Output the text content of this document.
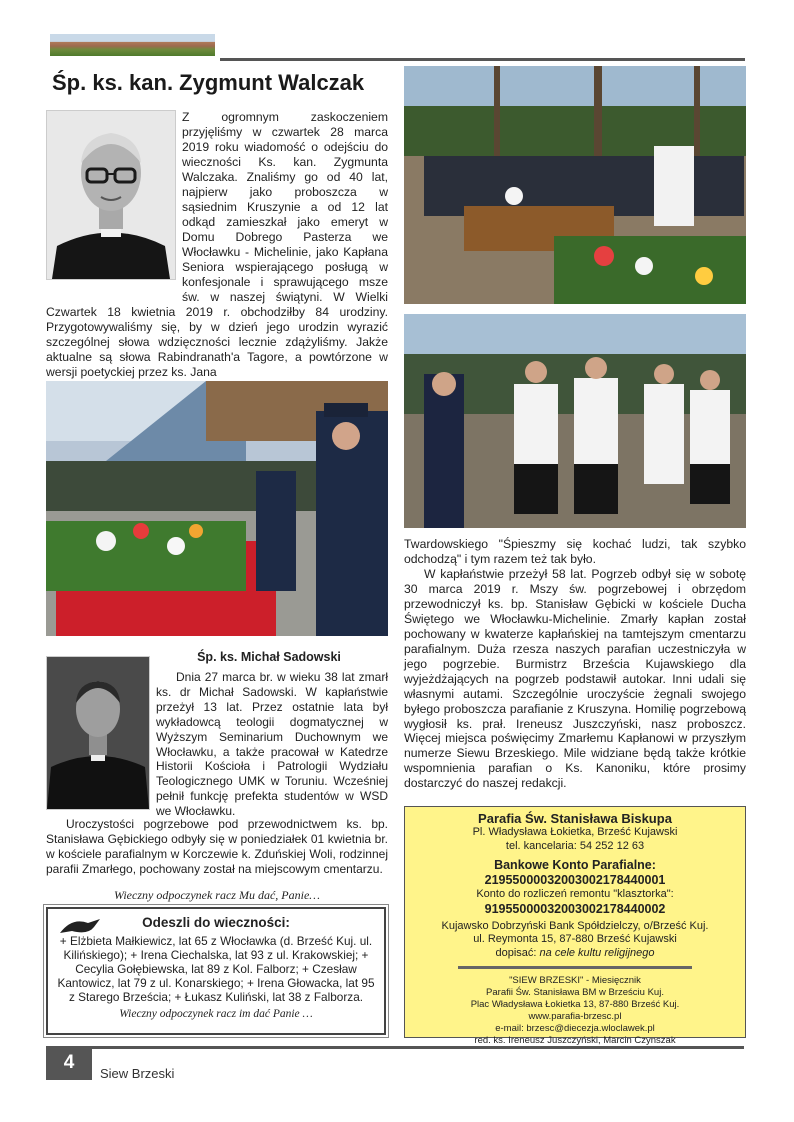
Śp. ks. kan. Zygmunt Walczak

Z ogromnym zaskoczeniem przyjęliśmy w czwartek 28 marca 2019 roku wiadomość o odejściu do wieczności Ks. kan. Zygmunta Walczaka. Znaliśmy go od 40 lat, najpierw jako proboszcza w sąsiednim Kruszynie a od 12 lat odkąd zamieszkał jako emeryt w Domu Dobrego Pasterza we Włocławku - Michelinie, jako Kapłana Seniora wspierającego posługą w konfesjonale i sprawującego msze św. w naszej świątyni. W Wielki Czwartek 18 kwietnia 2019 r. obchodziłby 84 urodziny. Przygotowywaliśmy się, by w dzień jego urodzin wyrazić szczególnej słowa wdzięczności lecznie zdążyliśmy. Jakże aktualne są słowa Rabindranath'a Tagore, a powtórzone w wersji poetyckiej przez ks. Jana

Śp. ks. Michał Sadowski

Dnia 27 marca br. w wieku 38 lat zmarł ks. dr Michał Sadowski. W kapłaństwie przeżył 13 lat. Przez ostatnie lata był wykładowcą teologii dogmatycznej w Wyższym Seminarium Duchownym we Włocławku, a także pracował w Katedrze Historii Kościoła i Patrologii Wydziału Teologicznego UMK w Toruniu. Wcześniej pełnił funkcję prefekta studentów w WSD we Włocławku.

Uroczystości pogrzebowe pod przewodnictwem ks. bp. Stanisława Gębickiego odbyły się w poniedziałek 01 kwietnia br. w kościele parafialnym w Korczewie k. Zduńskiej Woli, rodzinnej parafii Zmarłego, pochowany został na miejscowym cmentarzu.

Wieczny odpoczynek racz Mu dać, Panie…
Odeszli do wieczności:

+ Elżbieta Małkiewicz, lat 65 z Włocławka (d. Brześć Kuj. ul. Kilińskiego); + Irena Ciechalska, lat 93 z ul. Krakowskiej; + Cecylia Gołębiewska, lat 89 z Kol. Falborz; + Czesław Kantowicz, lat 79 z ul. Konarskiego; + Irena Głowacka, lat 95 z Starego Brześcia; + Łukasz Kuliński, lat 38 z Falborza.

Wieczny odpoczynek racz im dać Panie …

Twardowskiego "Śpieszmy się kochać ludzi, tak szybko odchodzą" i tym razem też tak było.

W kapłaństwie przeżył 58 lat. Pogrzeb odbył się w sobotę 30 marca 2019 r. Mszy św. pogrzebowej i obrzędom przewodniczył ks. bp. Stanisław Gębicki w kościele Ducha Świętego we Włocławku-Michelinie. Zmarły kapłan został pochowany w kwaterze kapłańskiej na tamtejszym cmentarzu parafialnym. Duża rzesza naszych parafian uczestniczyła w jego pogrzebie. Burmistrz Brześcia Kujawskiego dla wyjeżdżających na pogrzeb podstawił autokar. Inni udali się własnymi autami. Szczególnie uroczyście żegnali swojego byłego proboszcza parafianie z Kruszyna. Homilię pogrzebową wygłosił ks. prał. Ireneusz Juszczyński, nasz proboszcz. Więcej miejsca poświęcimy Zmarłemu Kapłanowi w przyszłym numerze Siewu Brzeskiego. Mile widziane będą także krótkie wspomnienia parafian o Ks. Kanoniku, które prosimy dostarczyć do naszej redakcji.

Parafia Św. Stanisława Biskupa
Pl. Władysława Łokietka, Brześć Kujawski
tel. kancelaria: 54 252 12 63
Bankowe Konto Parafialne:
21955000032003002178440001
Konto do rozliczeń remontu "klasztorka":
91955000032003002178440002
Kujawsko Dobrzyński Bank Spółdzielczy, o/Brześć Kuj.
ul. Reymonta 15, 87-880 Brześć Kujawski
dopisać: na cele kultu religijnego
"SIEW BRZESKI" - Miesięcznik
Parafii Św. Stanisława BM w Brześciu Kuj.
Plac Władysława Łokietka 13, 87-880 Brześć Kuj.
www.parafia-brzesc.pl
e-mail: brzesc@diecezja.wloclawek.pl
red. ks. Ireneusz Juszczyński, Marcin Czynszak
4
Siew Brzeski
